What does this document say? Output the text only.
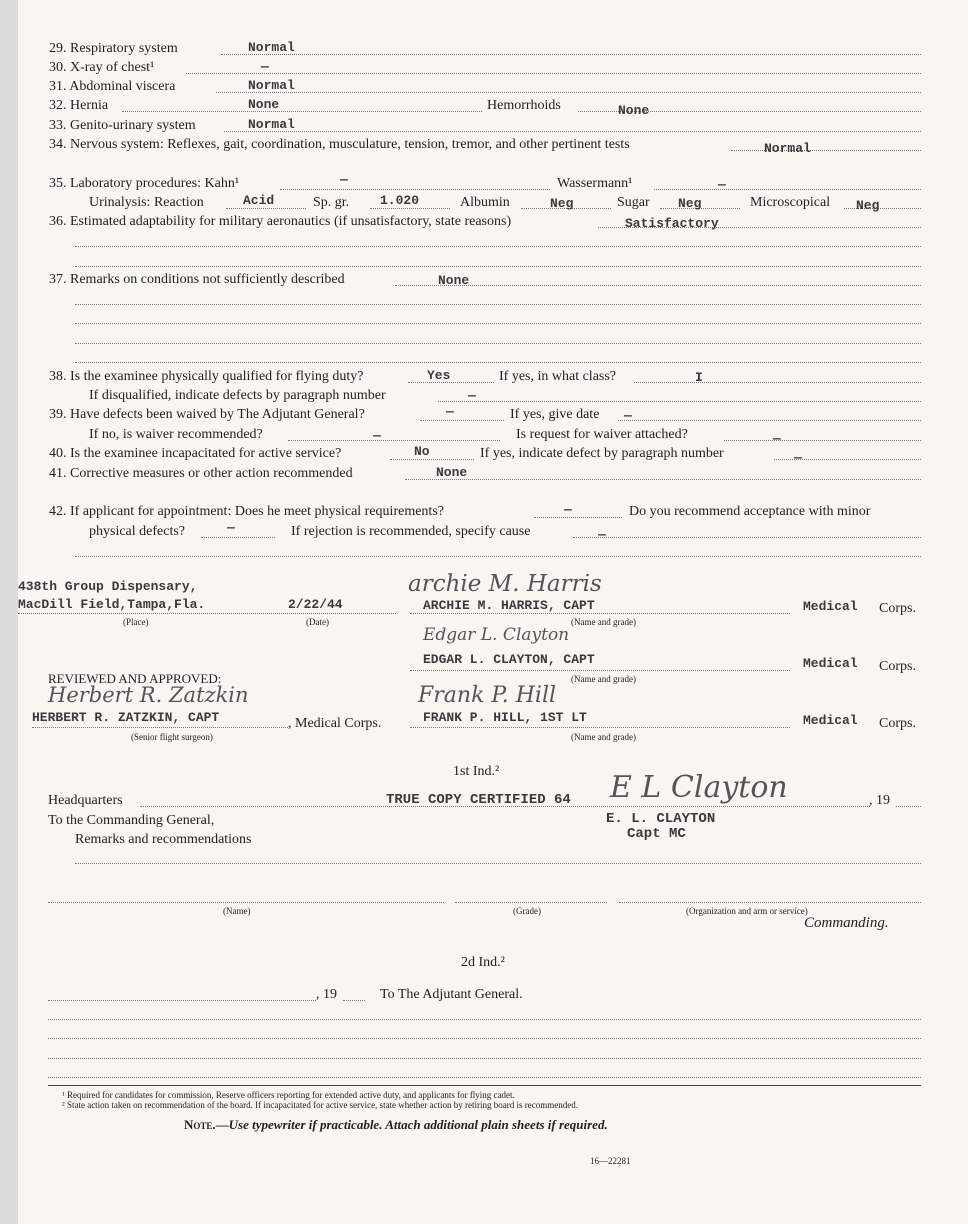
29. Respiratory system	Normal
30. X-ray of chest¹	—
31. Abdominal viscera	Normal
32. Hernia	None	Hemorrhoids	None
33. Genito-urinary system	Normal
34. Nervous system: Reflexes, gait, coordination, musculature, tension, tremor, and other pertinent tests	Normal
35. Laboratory procedures: Kahn¹	—	Wassermann¹	—
Urinalysis: Reaction	Acid	Sp. gr. 1.020	Albumin	Neg	Sugar Neg	Microscopical Neg
36. Estimated adaptability for military aeronautics (if unsatisfactory, state reasons)	Satisfactory
37. Remarks on conditions not sufficiently described	None
38. Is the examinee physically qualified for flying duty?	Yes	If yes, in what class?	I
If disqualified, indicate defects by paragraph number	—
39. Have defects been waived by The Adjutant General?	—	If yes, give date —
If no, is waiver recommended?	—	Is request for waiver attached?	—
40. Is the examinee incapacitated for active service?	No	If yes, indicate defect by paragraph number	—
41. Corrective measures or other action recommended	None
42. If applicant for appointment: Does he meet physical requirements?	—	Do you recommend acceptance with minor
physical defects?	—	If rejection is recommended, specify cause	—
438th Group Dispensary,
MacDill Field,Tampa,Fla.	2/22/44
(Place)	(Date)
archie M. Harris
ARCHIE M. HARRIS, CAPT	Medical Corps.
(Name and grade)
Edgar L. Clayton
EDGAR L. CLAYTON, CAPT	Medical Corps.
(Name and grade)
REVIEWED AND APPROVED:
Herbert R. Zatzkin
HERBERT R. ZATZKIN, CAPT	, Medical Corps.
(Senior flight surgeon)
Frank P. Hill
FRANK P. HILL, 1ST LT	Medical Corps.
(Name and grade)
1st Ind.²
Headquarters	TRUE COPY CERTIFIED 64 E L Clayton	, 19
To the Commanding General,	E. L. CLAYTON
Remarks and recommendations	Capt MC
(Name)	(Grade)	(Organization and arm or service)
Commanding.
2d Ind.²
, 19	To The Adjutant General.
¹ Required for candidates for commission, Reserve officers reporting for extended active duty, and applicants for flying cadet.
² State action taken on recommendation of the board. If incapacitated for active service, state whether action by retiring board is recommended.
Note.—Use typewriter if practicable. Attach additional plain sheets if required.
16—22281
